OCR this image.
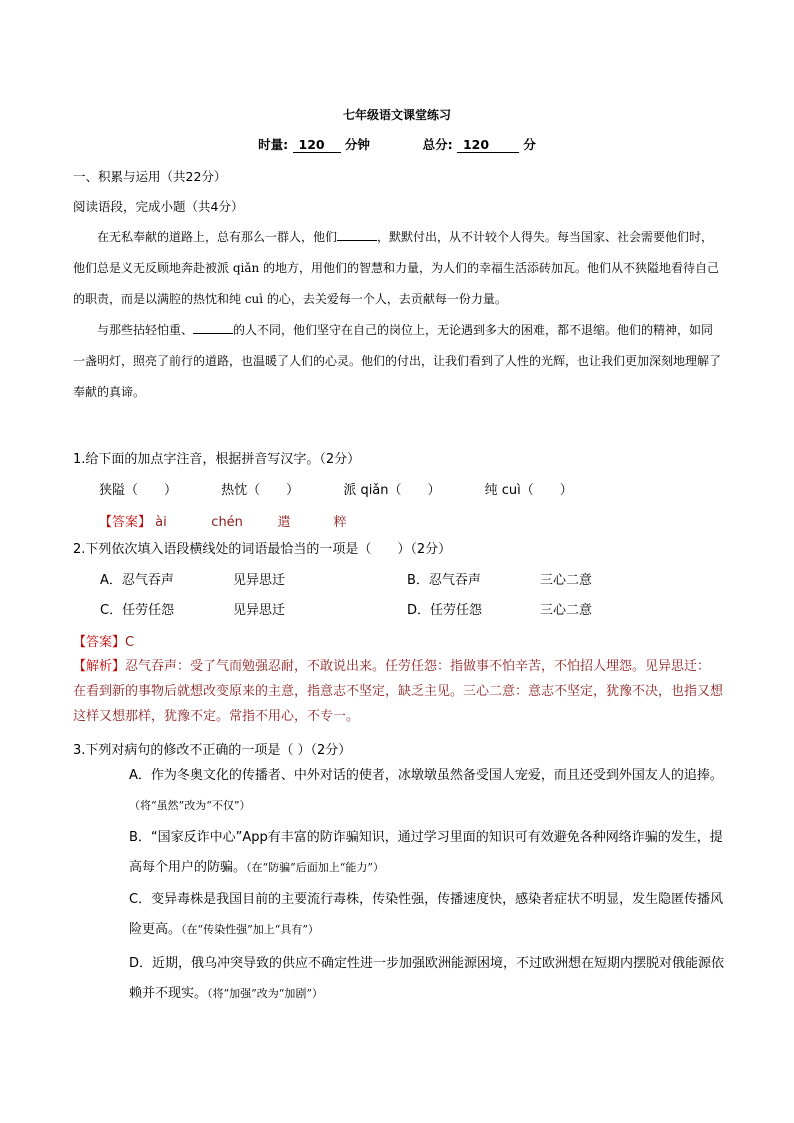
七年级语文课堂练习
时量: 120 分钟	总分: 120	分
一、积累与运用（共22分）
阅读语段，完成小题（共4分）

在无私奉献的道路上，总有那么一群人，他们	，默默付出，从不计较个人得失。每当国家、社会需要他们时，他们总是义无反顾地奔赴被派 qiǎn 的地方，用他们的智慧和力量，为人们的幸福生活添砖加瓦。他们从不狭隘地看待自己的职责，而是以满腔的热忱和纯 cuì 的心，去关爱每一个人，去贡献每一份力量。

与那些拈轻怕重、	的人不同，他们坚守在自己的岗位上，无论遇到多大的困难，都不退缩。他们的精神，如同一盏明灯，照亮了前行的道路，也温暖了人们的心灵。他们的付出，让我们看到了人性的光辉，也让我们更加深刻地理解了奉献的真谛。

1.给下面的加点字注音，根据拼音写汉字。（2分）
狭隘（　　）	热忱（　　）	派 qiǎn（　　）	纯 cuì（　　）
【答案】 ài	chén	遣	粹
2.下列依次填入语段横线处的词语最恰当的一项是（　　）（2分）
A．忍气吞声	见异思迁	B．忍气吞声	三心二意
C．任劳任怨	见异思迁	D．任劳任怨	三心二意
【答案】C
【解析】忍气吞声：受了气而勉强忍耐，不敢说出来。任劳任怨：指做事不怕辛苦，不怕招人埋怨。见异思迁：在看到新的事物后就想改变原来的主意，指意志不坚定，缺乏主见。三心二意：意志不坚定，犹豫不决，也指又想这样又想那样，犹豫不定。常指不用心，不专一。
3.下列对病句的修改不正确的一项是（ ）（2分）
A．作为冬奥文化的传播者、中外对话的使者，冰墩墩虽然备受国人宠爱，而且还受到外国友人的追捧。（将“虽然”改为“不仅”）
B．“国家反诈中心”App有丰富的防诈骗知识，通过学习里面的知识可有效避免各种网络诈骗的发生，提高每个用户的防骗。（在“防骗”后面加上“能力”）
C．变异毒株是我国目前的主要流行毒株，传染性强，传播速度快，感染者症状不明显，发生隐匿传播风险更高。（在“传染性强”加上“具有”）
D．近期，俄乌冲突导致的供应不确定性进一步加强欧洲能源困境，不过欧洲想在短期内摆脱对俄能源依赖并不现实。（将“加强”改为“加剧”）
